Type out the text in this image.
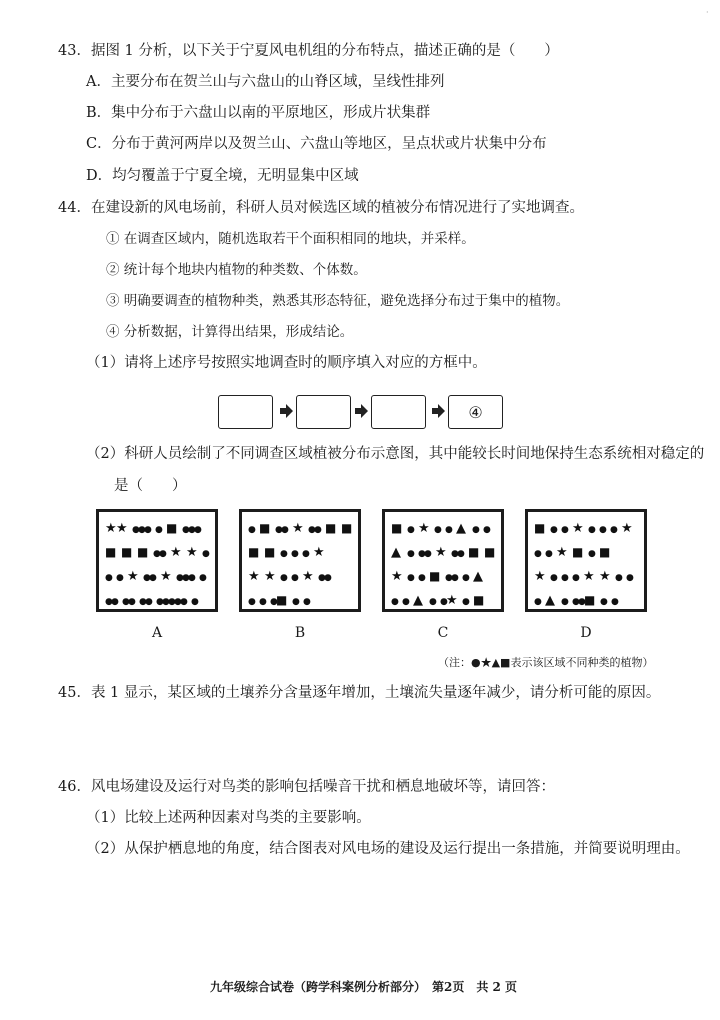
·
43．据图 1 分析，以下关于宁夏风电机组的分布特点，描述正确的是（　　）
A．主要分布在贺兰山与六盘山的山脊区域，呈线性排列
B．集中分布于六盘山以南的平原地区，形成片状集群
C．分布于黄河两岸以及贺兰山、六盘山等地区，呈点状或片状集中分布
D．均匀覆盖于宁夏全境，无明显集中区域
44．在建设新的风电场前，科研人员对候选区域的植被分布情况进行了实地调查。
① 在调查区域内，随机选取若干个面积相同的地块，并采样。
② 统计每个地块内植物的种类数、个体数。
③ 明确要调查的植物种类，熟悉其形态特征，避免选择分布过于集中的植物。
④ 分析数据，计算得出结果，形成结论。
（1）请将上述序号按照实地调查时的顺序填入对应的方框中。
④
（2）科研人员绘制了不同调查区域植被分布示意图，其中能较长时间地保持生态系统相对稳定的
是（　　）
★ ★ ●
●
● ● ■ ●
●
●
■ ■ ■ ●
● ★ ★ ●
● ● ★ ●
● ★ ●
●
● ●
●
● ●
● ●
● ●
●
●
●
● ●
● ■ ●
● ★ ●
● ■ ■
■ ■ ● ● ● ★
★ ★ ● ● ★ ●
●
● ● ●
■ ● ●
■ ● ★ ● ● ▲ ● ●
▲ ● ●
● ★ ●
● ■ ■
★ ● ● ■ ●
● ● ▲
● ● ▲ ● ●
★ ● ■
■ ● ● ★ ● ● ● ★
● ● ★ ■ ● ■
★ ● ● ● ★ ★ ● ●
● ▲ ● ●
●
■ ● ●
A	B	C	D
（注：●★▲■表示该区域不同种类的植物）
45．表 1 显示，某区域的土壤养分含量逐年增加，土壤流失量逐年减少，请分析可能的原因。
46．风电场建设及运行对鸟类的影响包括噪音干扰和栖息地破坏等，请回答：
（1）比较上述两种因素对鸟类的主要影响。
（2）从保护栖息地的角度，结合图表对风电场的建设及运行提出一条措施，并简要说明理由。
九年级综合试卷（跨学科案例分析部分）　第2页　共 2 页
